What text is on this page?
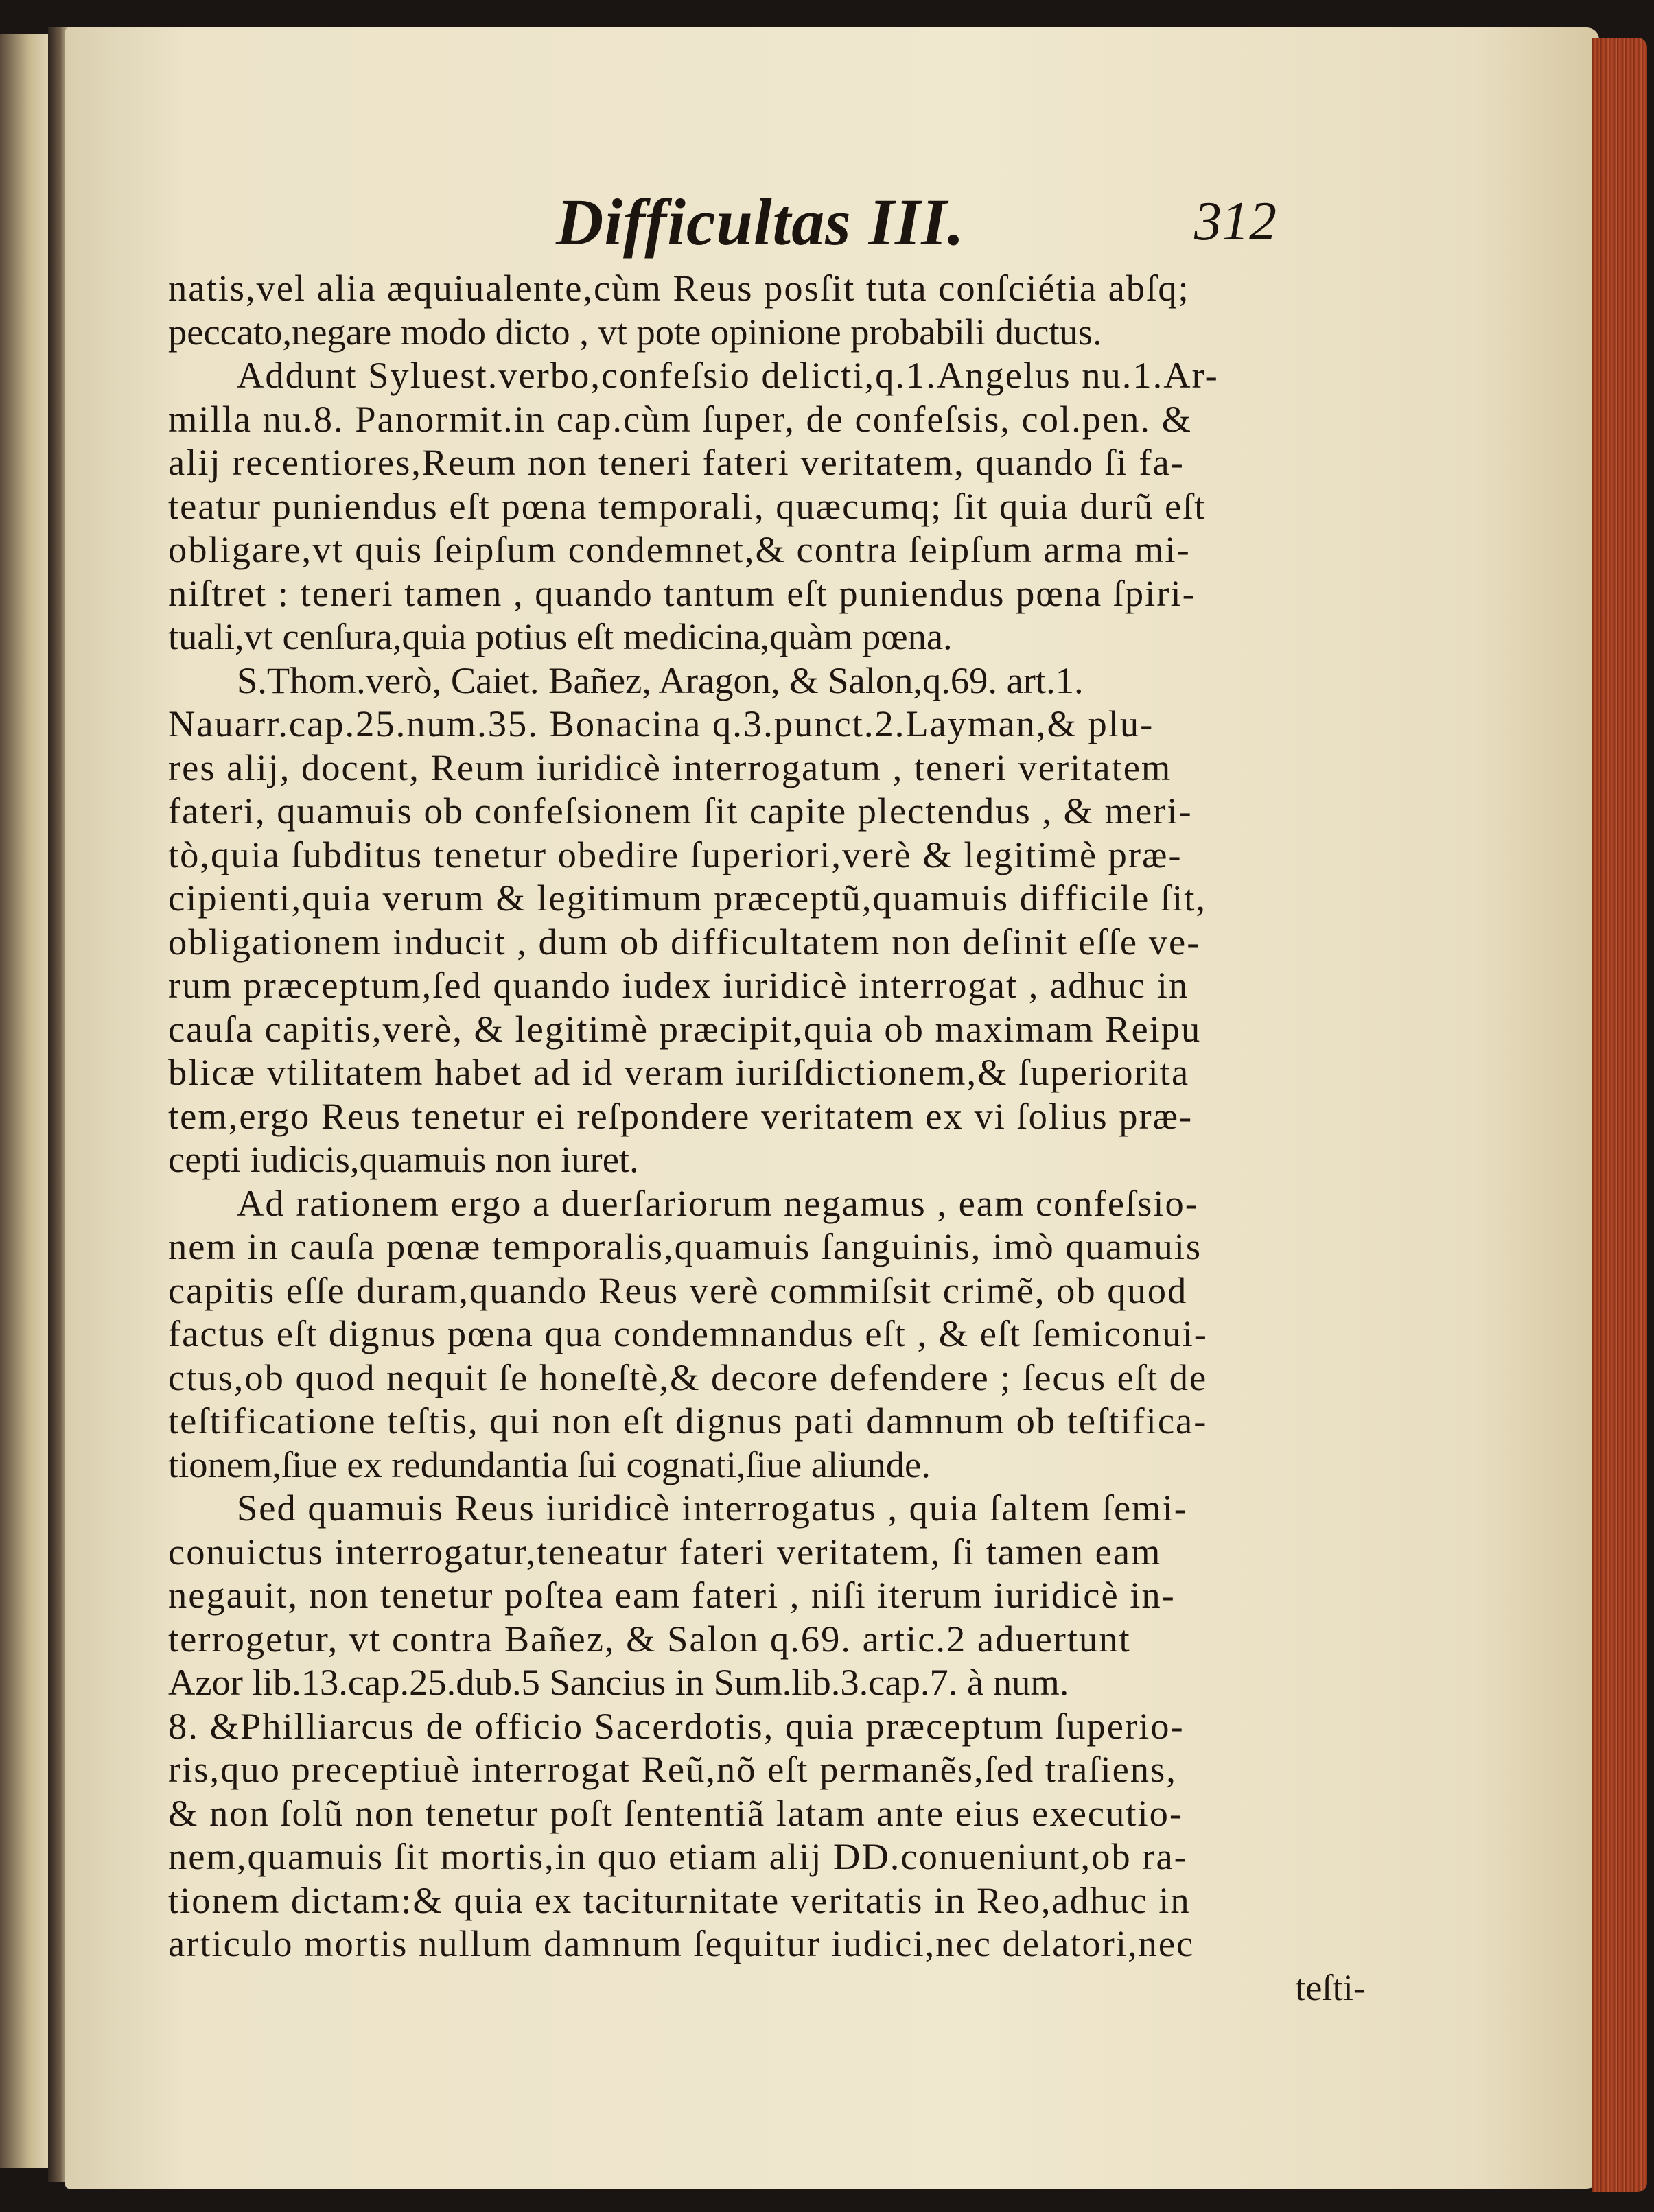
Difficultas III.	312
natis,vel alia æquiualente,cùm Reus posſit tuta conſciétia abſq;
peccato,negare modo dicto , vt pote opinione probabili ductus.
Addunt Syluest.verbo,confeſsio delicti,q.1.Angelus nu.1.Ar-
milla nu.8. Panormit.in cap.cùm ſuper, de confeſsis, col.pen. &
alij recentiores,Reum non teneri fateri veritatem, quando ſi fa-
teatur puniendus eſt pœna temporali, quæcumq; ſit quia durũ eſt
obligare,vt quis ſeipſum condemnet,& contra ſeipſum arma mi-
niſtret : teneri tamen , quando tantum eſt puniendus pœna ſpiri-
tuali,vt cenſura,quia potius eſt medicina,quàm pœna.
S.Thom.verò, Caiet. Bañez, Aragon, & Salon,q.69. art.1.
Nauarr.cap.25.num.35. Bonacina q.3.punct.2.Layman,& plu-
res alij, docent, Reum iuridicè interrogatum , teneri veritatem
fateri, quamuis ob confeſsionem ſit capite plectendus , & meri-
tò,quia ſubditus tenetur obedire ſuperiori,verè & legitimè præ-
cipienti,quia verum & legitimum præceptũ,quamuis difficile ſit,
obligationem inducit , dum ob difficultatem non deſinit eſſe ve-
rum præceptum,ſed quando iudex iuridicè interrogat , adhuc in
cauſa capitis,verè, & legitimè præcipit,quia ob maximam Reipu
blicæ vtilitatem habet ad id veram iuriſdictionem,& ſuperiorita
tem,ergo Reus tenetur ei reſpondere veritatem ex vi ſolius præ-
cepti iudicis,quamuis non iuret.
Ad rationem ergo a duerſariorum negamus , eam confeſsio-
nem in cauſa pœnæ temporalis,quamuis ſanguinis, imò quamuis
capitis eſſe duram,quando Reus verè commiſsit crimẽ, ob quod
factus eſt dignus pœna qua condemnandus eſt , & eſt ſemiconui-
ctus,ob quod nequit ſe honeſtè,& decore defendere ; ſecus eſt de
teſtificatione teſtis, qui non eſt dignus pati damnum ob teſtifica-
tionem,ſiue ex redundantia ſui cognati,ſiue aliunde.
Sed quamuis Reus iuridicè interrogatus , quia ſaltem ſemi-
conuictus interrogatur,teneatur fateri veritatem, ſi tamen eam
negauit, non tenetur poſtea eam fateri , niſi iterum iuridicè in-
terrogetur, vt contra Bañez, & Salon q.69. artic.2 aduertunt
Azor lib.13.cap.25.dub.5 Sancius in Sum.lib.3.cap.7. à num.
8. &Philliarcus de officio Sacerdotis, quia præceptum ſuperio-
ris,quo preceptiuè interrogat Reũ,nõ eſt permanẽs,ſed traſiens,
& non ſolũ non tenetur poſt ſententiã latam ante eius executio-
nem,quamuis ſit mortis,in quo etiam alij DD.conueniunt,ob ra-
tionem dictam:& quia ex taciturnitate veritatis in Reo,adhuc in
articulo mortis nullum damnum ſequitur iudici,nec delatori,nec
teſti-
